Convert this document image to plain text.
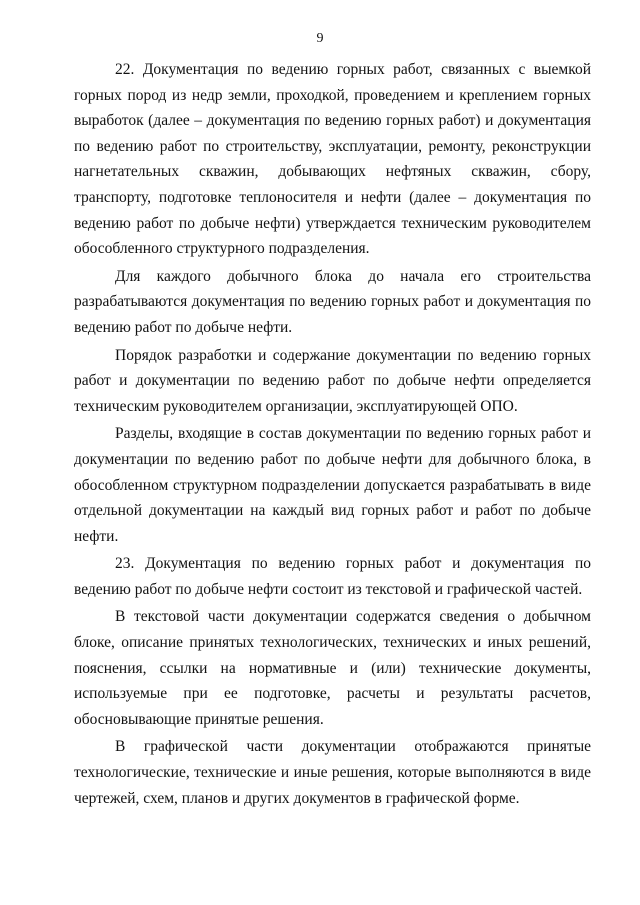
9

22. Документация по ведению горных работ, связанных с выемкой горных пород из недр земли, проходкой, проведением и креплением горных выработок (далее – документация по ведению горных работ) и документация по ведению работ по строительству, эксплуатации, ремонту, реконструкции нагнетательных скважин, добывающих нефтяных скважин, сбору, транспорту, подготовке теплоносителя и нефти (далее – документация по ведению работ по добыче нефти) утверждается техническим руководителем обособленного структурного подразделения.

Для каждого добычного блока до начала его строительства разрабатываются документация по ведению горных работ и документация по ведению работ по добыче нефти.

Порядок разработки и содержание документации по ведению горных работ и документации по ведению работ по добыче нефти определяется техническим руководителем организации, эксплуатирующей ОПО.

Разделы, входящие в состав документации по ведению горных работ и документации по ведению работ по добыче нефти для добычного блока, в обособленном структурном подразделении допускается разрабатывать в виде отдельной документации на каждый вид горных работ и работ по добыче нефти.

23. Документация по ведению горных работ и документация по ведению работ по добыче нефти состоит из текстовой и графической частей.

В текстовой части документации содержатся сведения о добычном блоке, описание принятых технологических, технических и иных решений, пояснения, ссылки на нормативные и (или) технические документы, используемые при ее подготовке, расчеты и результаты расчетов, обосновывающие принятые решения.

В графической части документации отображаются принятые технологические, технические и иные решения, которые выполняются в виде чертежей, схем, планов и других документов в графической форме.
